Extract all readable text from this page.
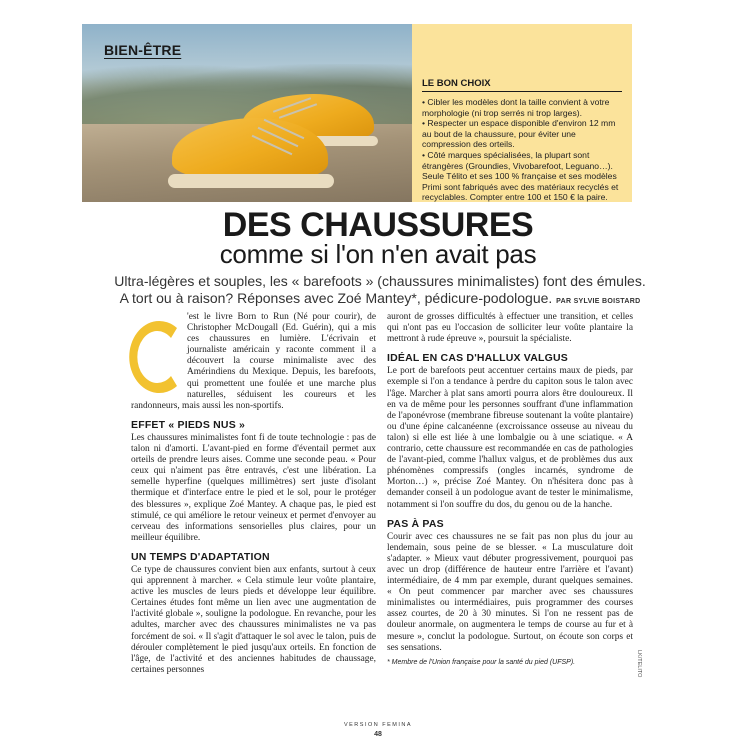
BIEN-ÊTRE
LE BON CHOIX
• Cibler les modèles dont la taille convient à votre morphologie (ni trop serrés ni trop larges).
• Respecter un espace disponible d'environ 12 mm au bout de la chaussure, pour éviter une compression des orteils.
• Côté marques spécialisées, la plupart sont étrangères (Groundies, Vivobarefoot, Leguano…). Seule Télito et ses 100 % française et ses modèles Primi sont fabriqués avec des matériaux recyclés et recyclables. Compter entre 100 et 150 € la paire.
DES CHAUSSURES
comme si l'on n'en avait pas
Ultra-légères et souples, les « barefoots » (chaussures minimalistes) font des émules. A tort ou à raison? Réponses avec Zoé Mantey*, pédicure-podologue. PAR SYLVIE BOISTARD

'est le livre Born to Run (Né pour courir), de Christopher McDougall (Ed. Guérin), qui a mis ces chaussures en lumière. L'écrivain et journaliste américain y raconte comment il a découvert la course minimaliste avec des Amérindiens du Mexique. Depuis, les barefoots, qui promettent une foulée et une marche plus naturelles, séduisent les coureurs et les randonneurs, mais aussi les non-sportifs.

EFFET « PIEDS NUS »

Les chaussures minimalistes font fi de toute technologie : pas de talon ni d'amorti. L'avant-pied en forme d'éventail permet aux orteils de prendre leurs aises. Comme une seconde peau. « Pour ceux qui n'aiment pas être entravés, c'est une libération. La semelle hyperfine (quelques millimètres) sert juste d'isolant thermique et d'interface entre le pied et le sol, pour le protéger des blessures », explique Zoé Mantey. A chaque pas, le pied est stimulé, ce qui améliore le retour veineux et permet d'envoyer au cerveau des informations sensorielles plus claires, pour un meilleur équilibre.

UN TEMPS D'ADAPTATION

Ce type de chaussures convient bien aux enfants, surtout à ceux qui apprennent à marcher. « Cela stimule leur voûte plantaire, active les muscles de leurs pieds et développe leur équilibre. Certaines études font même un lien avec une augmentation de l'activité globale », souligne la podologue. En revanche, pour les adultes, marcher avec des chaussures minimalistes ne va pas forcément de soi. « Il s'agit d'attaquer le sol avec le talon, puis de dérouler complètement le pied jusqu'aux orteils. En fonction de l'âge, de l'activité et des anciennes habitudes de chaussage, certaines personnes

auront de grosses difficultés à effectuer une transition, et celles qui n'ont pas eu l'occasion de solliciter leur voûte plantaire la mettront à rude épreuve », poursuit la spécialiste.

IDÉAL EN CAS D'HALLUX VALGUS

Le port de barefoots peut accentuer certains maux de pieds, par exemple si l'on a tendance à perdre du capiton sous le talon avec l'âge. Marcher à plat sans amorti pourra alors être douloureux. Il en va de même pour les personnes souffrant d'une inflammation de l'aponévrose (membrane fibreuse soutenant la voûte plantaire) ou d'une épine calcanéenne (excroissance osseuse au niveau du talon) si elle est liée à une lombalgie ou à une sciatique. « A contrario, cette chaussure est recommandée en cas de pathologies de l'avant-pied, comme l'hallux valgus, et de problèmes dus aux phénomènes compressifs (ongles incarnés, syndrome de Morton…) », précise Zoé Mantey. On n'hésitera donc pas à demander conseil à un podologue avant de tester le minimalisme, notamment si l'on souffre du dos, du genou ou de la hanche.

PAS À PAS

Courir avec ces chaussures ne se fait pas non plus du jour au lendemain, sous peine de se blesser. « La musculature doit s'adapter. » Mieux vaut débuter progressivement, pourquoi pas avec un drop (différence de hauteur entre l'arrière et l'avant) intermédiaire, de 4 mm par exemple, durant quelques semaines. « On peut commencer par marcher avec ses chaussures minimalistes ou intermédiaires, puis programmer des courses assez courtes, de 20 à 30 minutes. Si l'on ne ressent pas de douleur anormale, on augmentera le temps de course au fur et à mesure », conclut la podologue. Surtout, on écoute son corps et ses sensations.

* Membre de l'Union française pour la santé du pied (UFSP).	LK/TELITO
VERSION FEMINA
48
